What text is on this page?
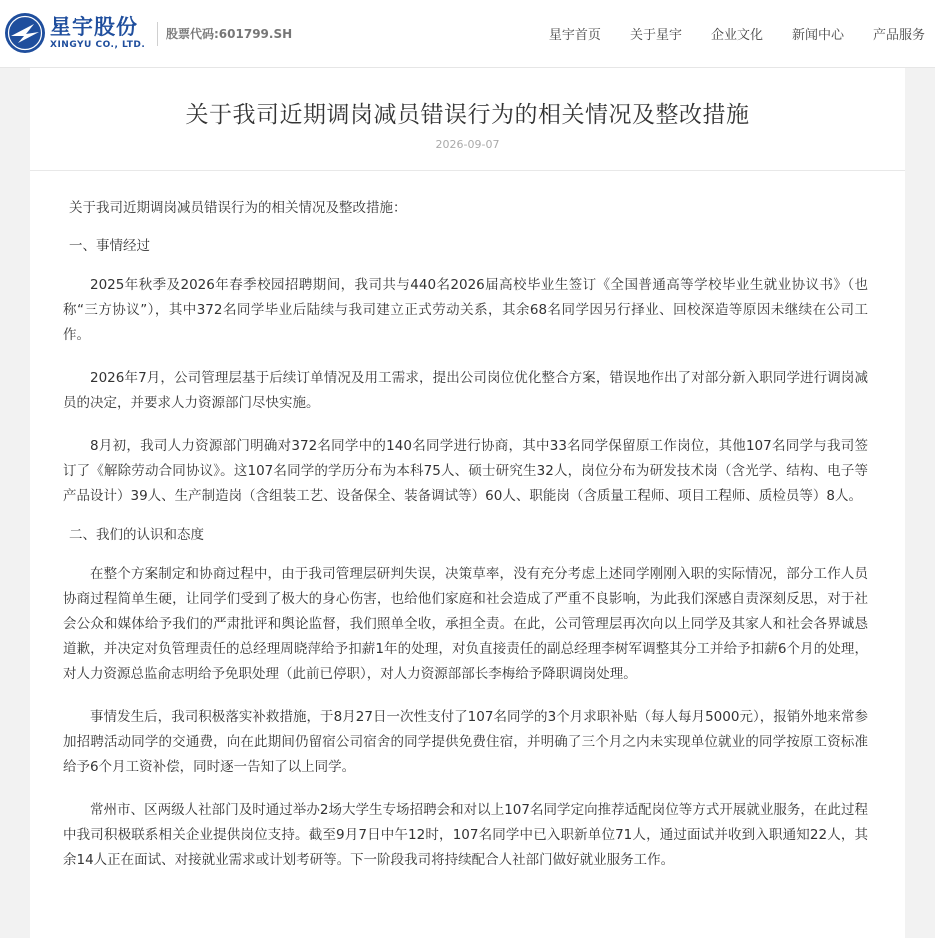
星宇股份
XINGYU CO., LTD.
股票代码:601799.SH	星宇首页 关于星宇 企业文化 新闻中心 产品服务
关于我司近期调岗减员错误行为的相关情况及整改措施
2026-09-07

关于我司近期调岗减员错误行为的相关情况及整改措施：

一、事情经过

2025年秋季及2026年春季校园招聘期间，我司共与440名2026届高校毕业生签订《全国普通高等学校毕业生就业协议书》（也称“三方协议”），其中372名同学毕业后陆续与我司建立正式劳动关系，其余68名同学因另行择业、回校深造等原因未继续在公司工作。

2026年7月，公司管理层基于后续订单情况及用工需求，提出公司岗位优化整合方案，错误地作出了对部分新入职同学进行调岗减员的决定，并要求人力资源部门尽快实施。

8月初，我司人力资源部门明确对372名同学中的140名同学进行协商，其中33名同学保留原工作岗位，其他107名同学与我司签订了《解除劳动合同协议》。这107名同学的学历分布为本科75人、硕士研究生32人，岗位分布为研发技术岗（含光学、结构、电子等产品设计）39人、生产制造岗（含组装工艺、设备保全、装备调试等）60人、职能岗（含质量工程师、项目工程师、质检员等）8人。

二、我们的认识和态度

在整个方案制定和协商过程中，由于我司管理层研判失误，决策草率，没有充分考虑上述同学刚刚入职的实际情况，部分工作人员协商过程简单生硬，让同学们受到了极大的身心伤害，也给他们家庭和社会造成了严重不良影响，为此我们深感自责深刻反思，对于社会公众和媒体给予我们的严肃批评和舆论监督，我们照单全收，承担全责。在此，公司管理层再次向以上同学及其家人和社会各界诚恳道歉，并决定对负管理责任的总经理周晓萍给予扣薪1年的处理，对负直接责任的副总经理李树军调整其分工并给予扣薪6个月的处理，对人力资源总监俞志明给予免职处理（此前已停职），对人力资源部部长李梅给予降职调岗处理。

事情发生后，我司积极落实补救措施，于8月27日一次性支付了107名同学的3个月求职补贴（每人每月5000元），报销外地来常参加招聘活动同学的交通费，向在此期间仍留宿公司宿舍的同学提供免费住宿，并明确了三个月之内未实现单位就业的同学按原工资标准给予6个月工资补偿，同时逐一告知了以上同学。

常州市、区两级人社部门及时通过举办2场大学生专场招聘会和对以上107名同学定向推荐适配岗位等方式开展就业服务，在此过程中我司积极联系相关企业提供岗位支持。截至9月7日中午12时，107名同学中已入职新单位71人，通过面试并收到入职通知22人，其余14人正在面试、对接就业需求或计划考研等。下一阶段我司将持续配合人社部门做好就业服务工作。
